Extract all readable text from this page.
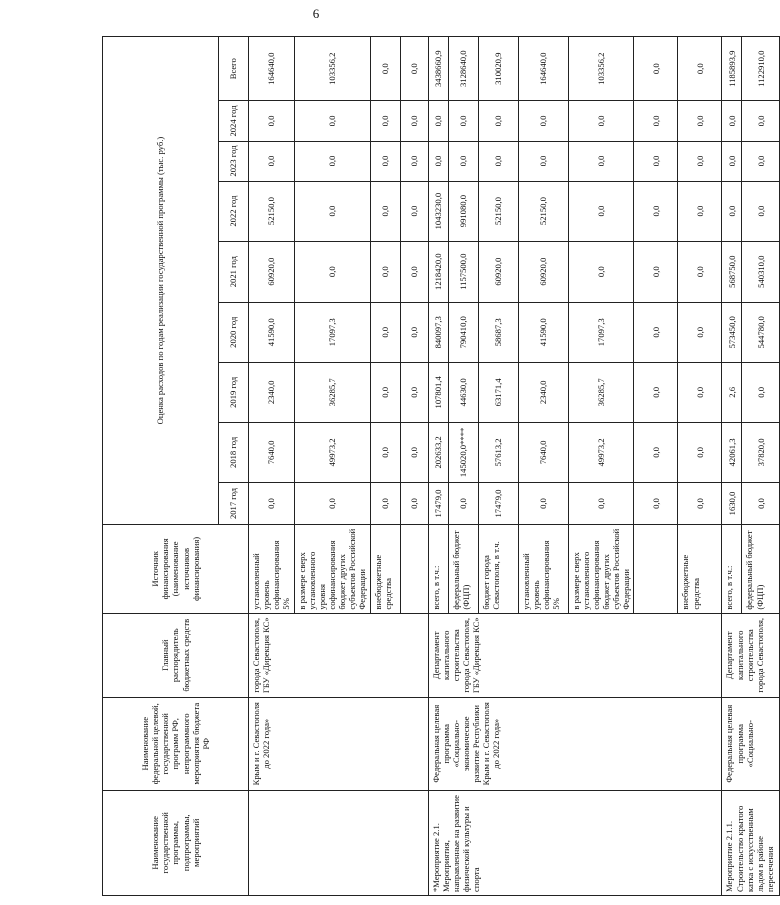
6
Наименование государственной программы, подпрограммы, мероприятий	Наименование федеральной целевой, государственной программ РФ, непрограммного мероприятия бюджета РФ	Главный распорядитель бюджетных средств	Источник финансирования (наименование источников финансирования)	Оценка расходов по годам реализации государственной программы (тыс. руб.)								
				2017 год	2018 год	2019 год	2020 год	2021 год	2022 год	2023 год	2024 год	Всего
	Крым и г. Севастополя до 2022 года»	города Севастополя, ГБУ «Дирекция КС»	установленный уровень софинансирования 5%	0,0	7640,0	2340,0	41590,0	60920,0	52150,0	0,0	0,0	164640,0
			в размере сверх установленного уровня софинансирования бюджет других субъектов Российской Федерации	0,0	49973,2	36285,7	17097,3	0,0	0,0	0,0	0,0	103356,2
			внебюджетные средства	0,0	0,0	0,0	0,0	0,0	0,0	0,0	0,0	0,0
				0,0	0,0	0,0	0,0	0,0	0,0	0,0	0,0	0,0
*Мероприятие 2.1. Мероприятия, направленные на развитие физической культуры и спорта	Федеральная целевая программа «Социально-экономическое развитие Республики Крым и г. Севастополя до 2022 года»	Департамент капитального строительства города Севастополя, ГБУ «Дирекция КС»	всего, в т.ч.:	17479,0	202633,2	107801,4	840097,3	1218420,0	1043230,0	0,0	0,0	3438660,9
			федеральный бюджет (ФЦП)	0,0	145020,0****	44630,0	790410,0	1157500,0	991080,0	0,0	0,0	3128640,0
			бюджет города Севастополя, в т.ч.	17479,0	57613,2	63171,4	58687,3	60920,0	52150,0	0,0	0,0	310020,9
			установленный уровень софинансирования 5%	0,0	7640,0	2340,0	41590,0	60920,0	52150,0	0,0	0,0	164640,0
			в размере сверх установленного софинансирования бюджет других субъектов Российской Федерации	0,0	49973,2	36285,7	17097,3	0,0	0,0	0,0	0,0	103356,2
				0,0	0,0	0,0	0,0	0,0	0,0	0,0	0,0	0,0
			внебюджетные средства	0,0	0,0	0,0	0,0	0,0	0,0	0,0	0,0	0,0
Мероприятие 2.1.1. Строительство крытого катка с искусственным льдом в районе пересечения	Федеральная целевая программа «Социально-	Департамент капитального строительства города Севастополя,	всего, в т.ч.:	1630,0	42061,3	2,6	573450,0	568750,0	0,0	0,0	0,0	1185893,9
			федеральный бюджет (ФЦП)	0,0	37820,0	0,0	544780,0	540310,0	0,0	0,0	0,0	1122910,0
